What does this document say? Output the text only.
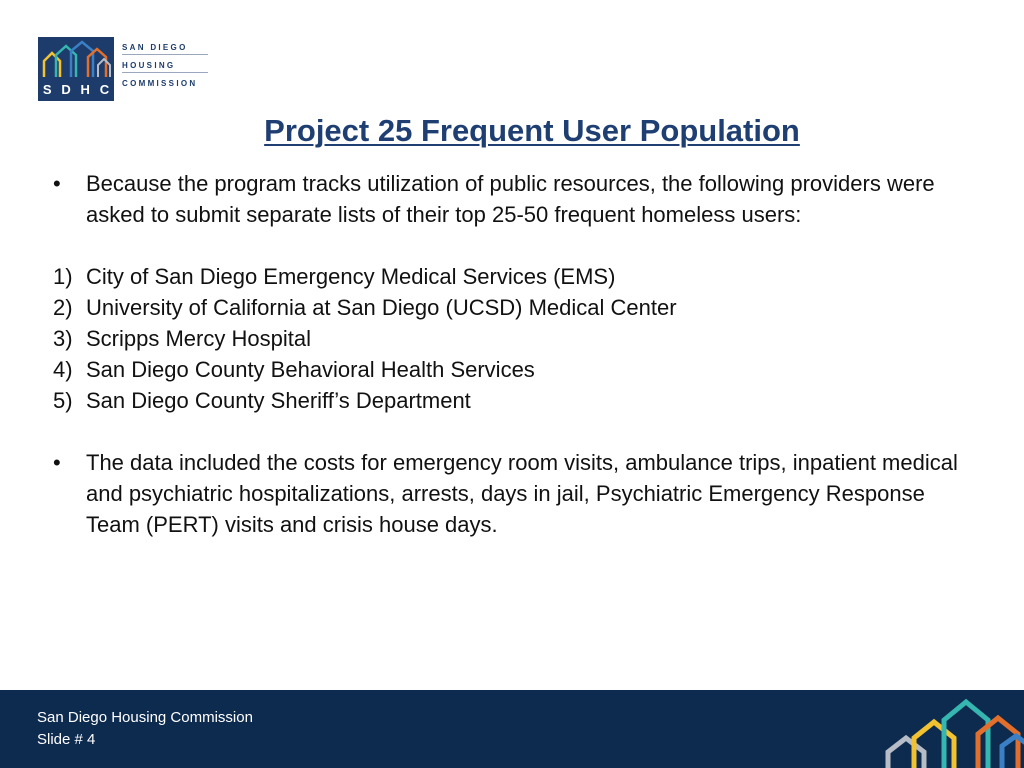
S D H C
SAN DIEGO
HOUSING
COMMISSION
Project 25 Frequent User Population
•	Because the program tracks utilization of public resources, the following providers were asked to submit separate lists of their top 25-50 frequent homeless users:
1) City of San Diego Emergency Medical Services (EMS)
2) University of California at San Diego (UCSD) Medical Center
3) Scripps Mercy Hospital
4) San Diego County Behavioral Health Services
5) San Diego County Sheriff’s Department
•	The data included the costs for emergency room visits, ambulance trips, inpatient medical and psychiatric hospitalizations, arrests, days in jail, Psychiatric Emergency Response Team (PERT) visits and crisis house days.
San Diego Housing Commission
Slide # 4
